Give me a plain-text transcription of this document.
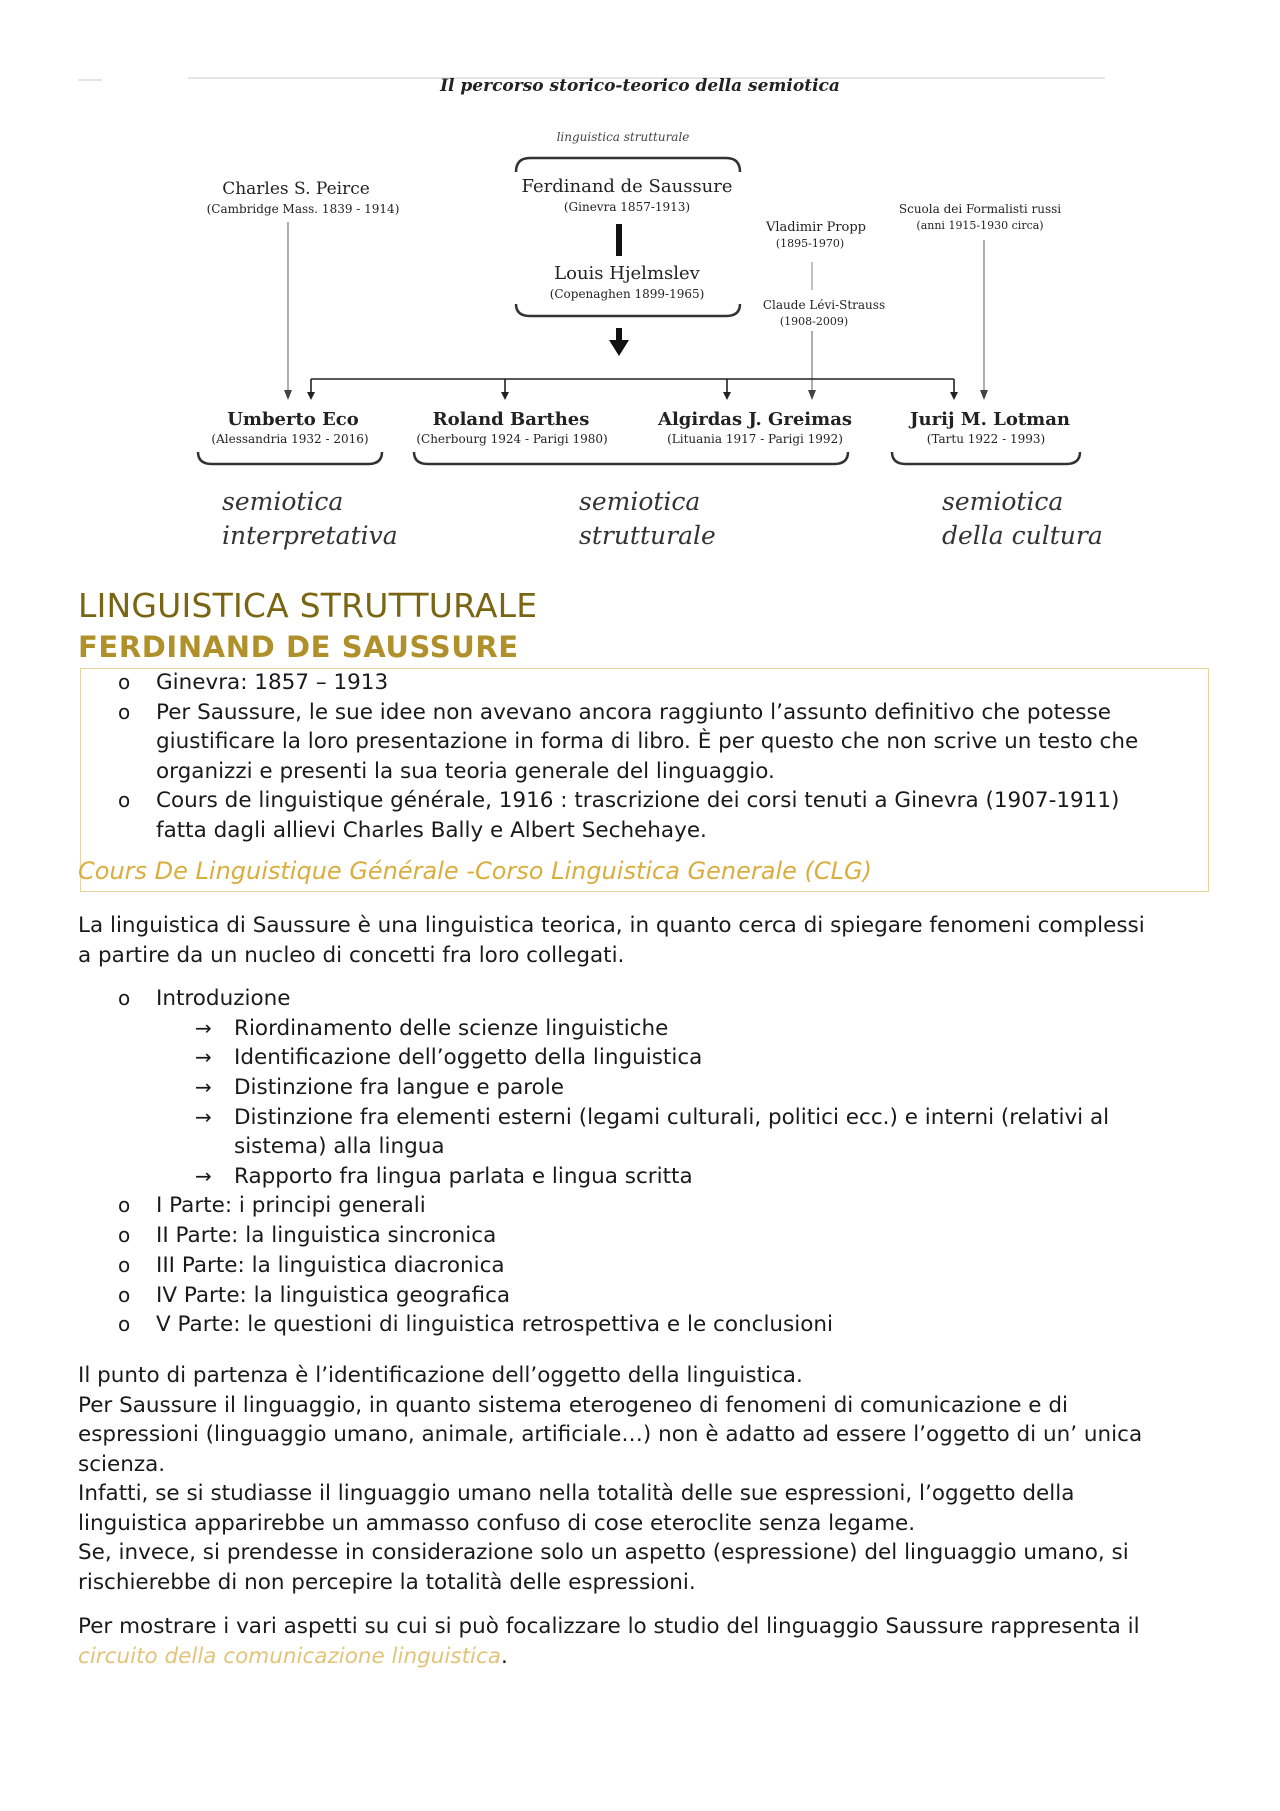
Il percorso storico-teorico della semiotica
linguistica strutturale
Ferdinand de Saussure
(Ginevra 1857-1913)
Louis Hjelmslev
(Copenaghen 1899-1965)
Charles S. Peirce
(Cambridge Mass. 1839 - 1914)
Vladimir Propp
(1895-1970)
Claude Lévi-Strauss
(1908-2009)
Scuola dei Formalisti russi
(anni 1915-1930 circa)
Umberto Eco
(Alessandria 1932 - 2016)
Roland Barthes
(Cherbourg 1924 - Parigi 1980)
Algirdas J. Greimas
(Lituania 1917 - Parigi 1992)
Jurij M. Lotman
(Tartu 1922 - 1993)
semiotica
interpretativa
semiotica
strutturale
semiotica
della cultura
LINGUISTICA STRUTTURALE
FERDINAND DE SAUSSURE
o Ginevra: 1857 – 1913
o Per Saussure, le sue idee non avevano ancora raggiunto l’assunto definitivo che potesse
giustificare la loro presentazione in forma di libro. È per questo che non scrive un testo che
organizzi e presenti la sua teoria generale del linguaggio.
o Cours de linguistique générale, 1916 : trascrizione dei corsi tenuti a Ginevra (1907-1911)
fatta dagli allievi Charles Bally e Albert Sechehaye.
Cours De Linguistique Générale -Corso Linguistica Generale (CLG)
La linguistica di Saussure è una linguistica teorica, in quanto cerca di spiegare fenomeni complessi
a partire da un nucleo di concetti fra loro collegati.
o Introduzione
→ Riordinamento delle scienze linguistiche
→ Identificazione dell’oggetto della linguistica
→ Distinzione fra langue e parole
→ Distinzione fra elementi esterni (legami culturali, politici ecc.) e interni (relativi al
sistema) alla lingua
→ Rapporto fra lingua parlata e lingua scritta
o I Parte: i principi generali
o II Parte: la linguistica sincronica
o III Parte: la linguistica diacronica
o IV Parte: la linguistica geografica
o V Parte: le questioni di linguistica retrospettiva e le conclusioni
Il punto di partenza è l’identificazione dell’oggetto della linguistica.
Per Saussure il linguaggio, in quanto sistema eterogeneo di fenomeni di comunicazione e di
espressioni (linguaggio umano, animale, artificiale…) non è adatto ad essere l’oggetto di un’ unica
scienza.
Infatti, se si studiasse il linguaggio umano nella totalità delle sue espressioni, l’oggetto della
linguistica apparirebbe un ammasso confuso di cose eteroclite senza legame.
Se, invece, si prendesse in considerazione solo un aspetto (espressione) del linguaggio umano, si
rischierebbe di non percepire la totalità delle espressioni.
Per mostrare i vari aspetti su cui si può focalizzare lo studio del linguaggio Saussure rappresenta il
circuito della comunicazione linguistica.
